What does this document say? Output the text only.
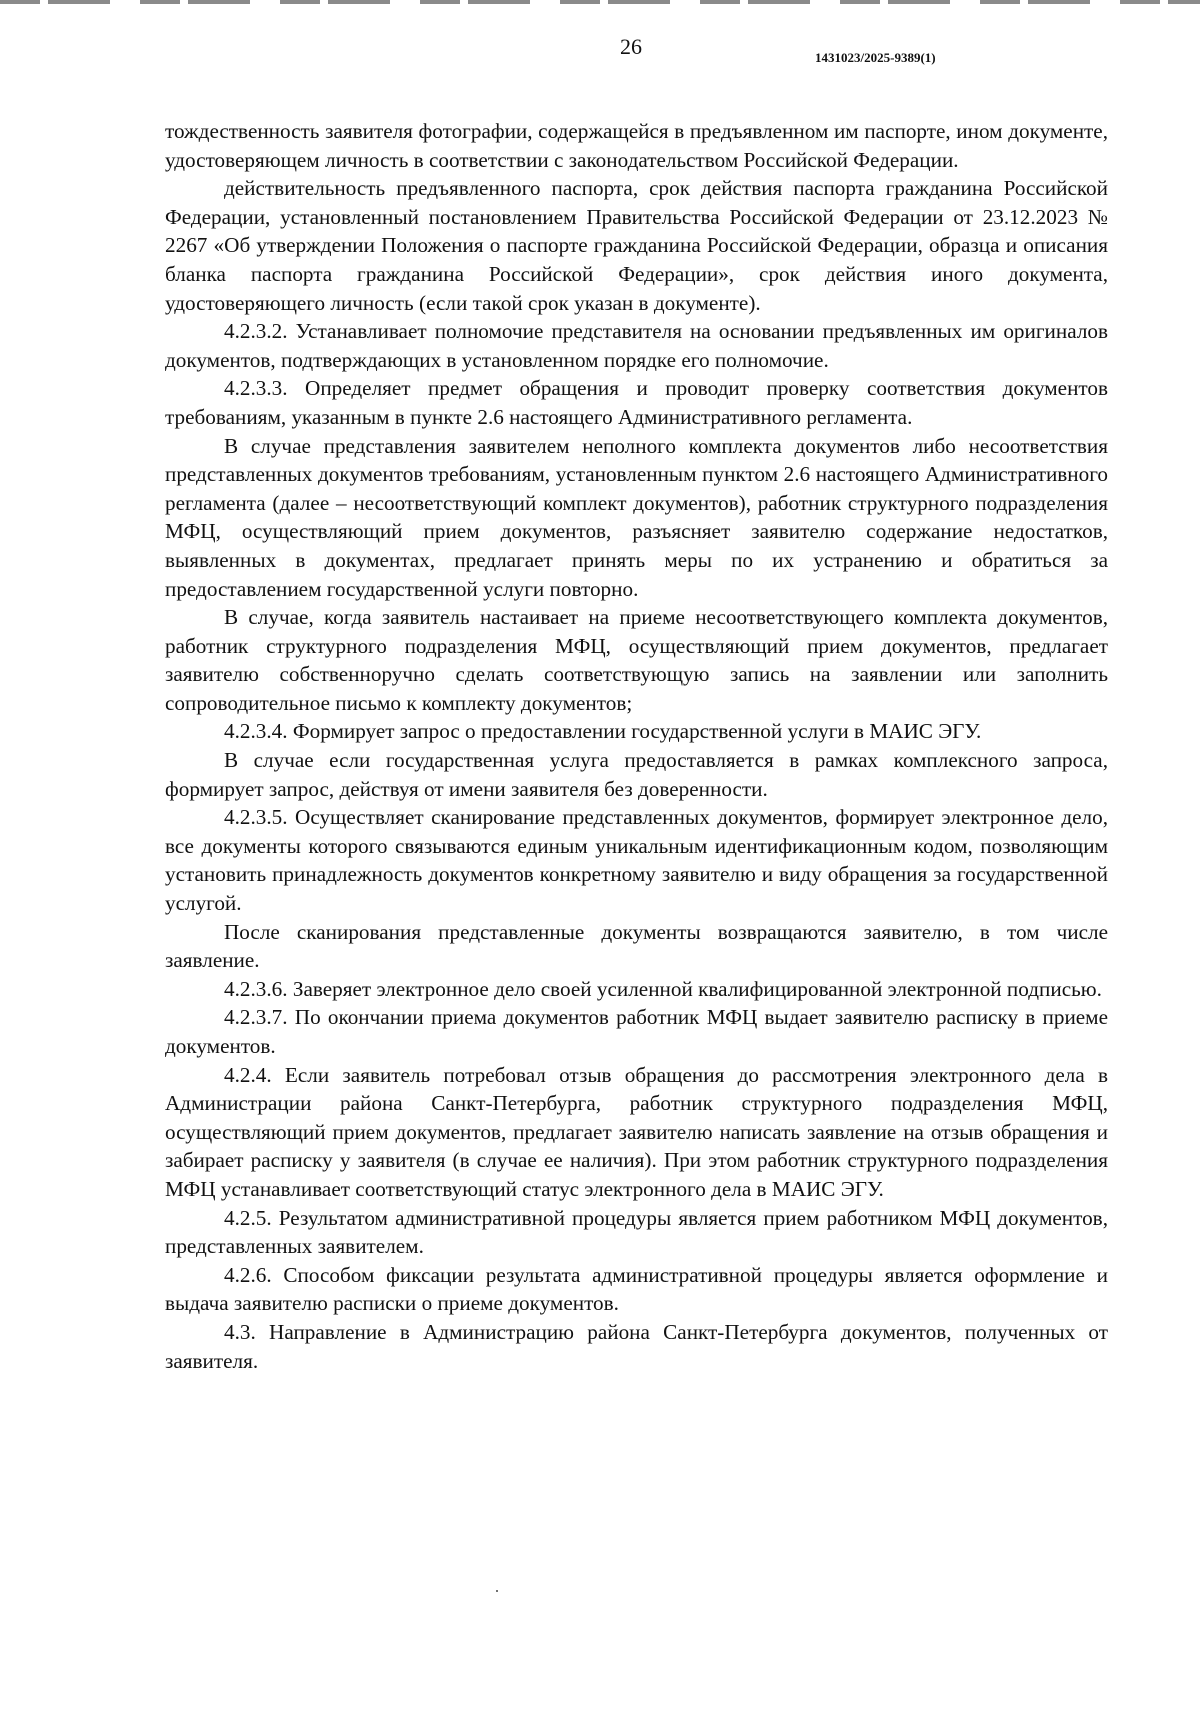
26	1431023/2025-9389(1)

тождественность заявителя фотографии, содержащейся в предъявленном им паспорте, ином документе, удостоверяющем личность в соответствии с законодательством Российской Федерации.

действительность предъявленного паспорта, срок действия паспорта гражданина Российской Федерации, установленный постановлением Правительства Российской Федерации от 23.12.2023 № 2267 «Об утверждении Положения о паспорте гражданина Российской Федерации, образца и описания бланка паспорта гражданина Российской Федерации», срок действия иного документа, удостоверяющего личность (если такой срок указан в документе).

4.2.3.2. Устанавливает полномочие представителя на основании предъявленных им оригиналов документов, подтверждающих в установленном порядке его полномочие.

4.2.3.3. Определяет предмет обращения и проводит проверку соответствия документов требованиям, указанным в пункте 2.6 настоящего Административного регламента.

В случае представления заявителем неполного комплекта документов либо несоответствия представленных документов требованиям, установленным пунктом 2.6 настоящего Административного регламента (далее – несоответствующий комплект документов), работник структурного подразделения МФЦ, осуществляющий прием документов, разъясняет заявителю содержание недостатков, выявленных в документах, предлагает принять меры по их устранению и обратиться за предоставлением государственной услуги повторно.

В случае, когда заявитель настаивает на приеме несоответствующего комплекта документов, работник структурного подразделения МФЦ, осуществляющий прием документов, предлагает заявителю собственноручно сделать соответствующую запись на заявлении или заполнить сопроводительное письмо к комплекту документов;

4.2.3.4. Формирует запрос о предоставлении государственной услуги в МАИС ЭГУ.

В случае если государственная услуга предоставляется в рамках комплексного запроса, формирует запрос, действуя от имени заявителя без доверенности.

4.2.3.5. Осуществляет сканирование представленных документов, формирует электронное дело, все документы которого связываются единым уникальным идентификационным кодом, позволяющим установить принадлежность документов конкретному заявителю и виду обращения за государственной услугой.

После сканирования представленные документы возвращаются заявителю, в том числе заявление.

4.2.3.6. Заверяет электронное дело своей усиленной квалифицированной электронной подписью.

4.2.3.7. По окончании приема документов работник МФЦ выдает заявителю расписку в приеме документов.

4.2.4. Если заявитель потребовал отзыв обращения до рассмотрения электронного дела в Администрации района Санкт-Петербурга, работник структурного подразделения МФЦ, осуществляющий прием документов, предлагает заявителю написать заявление на отзыв обращения и забирает расписку у заявителя (в случае ее наличия). При этом работник структурного подразделения МФЦ устанавливает соответствующий статус электронного дела в МАИС ЭГУ.

4.2.5. Результатом административной процедуры является прием работником МФЦ документов, представленных заявителем.

4.2.6. Способом фиксации результата административной процедуры является оформление и выдача заявителю расписки о приеме документов.

4.3. Направление в Администрацию района Санкт-Петербурга документов, полученных от заявителя.
